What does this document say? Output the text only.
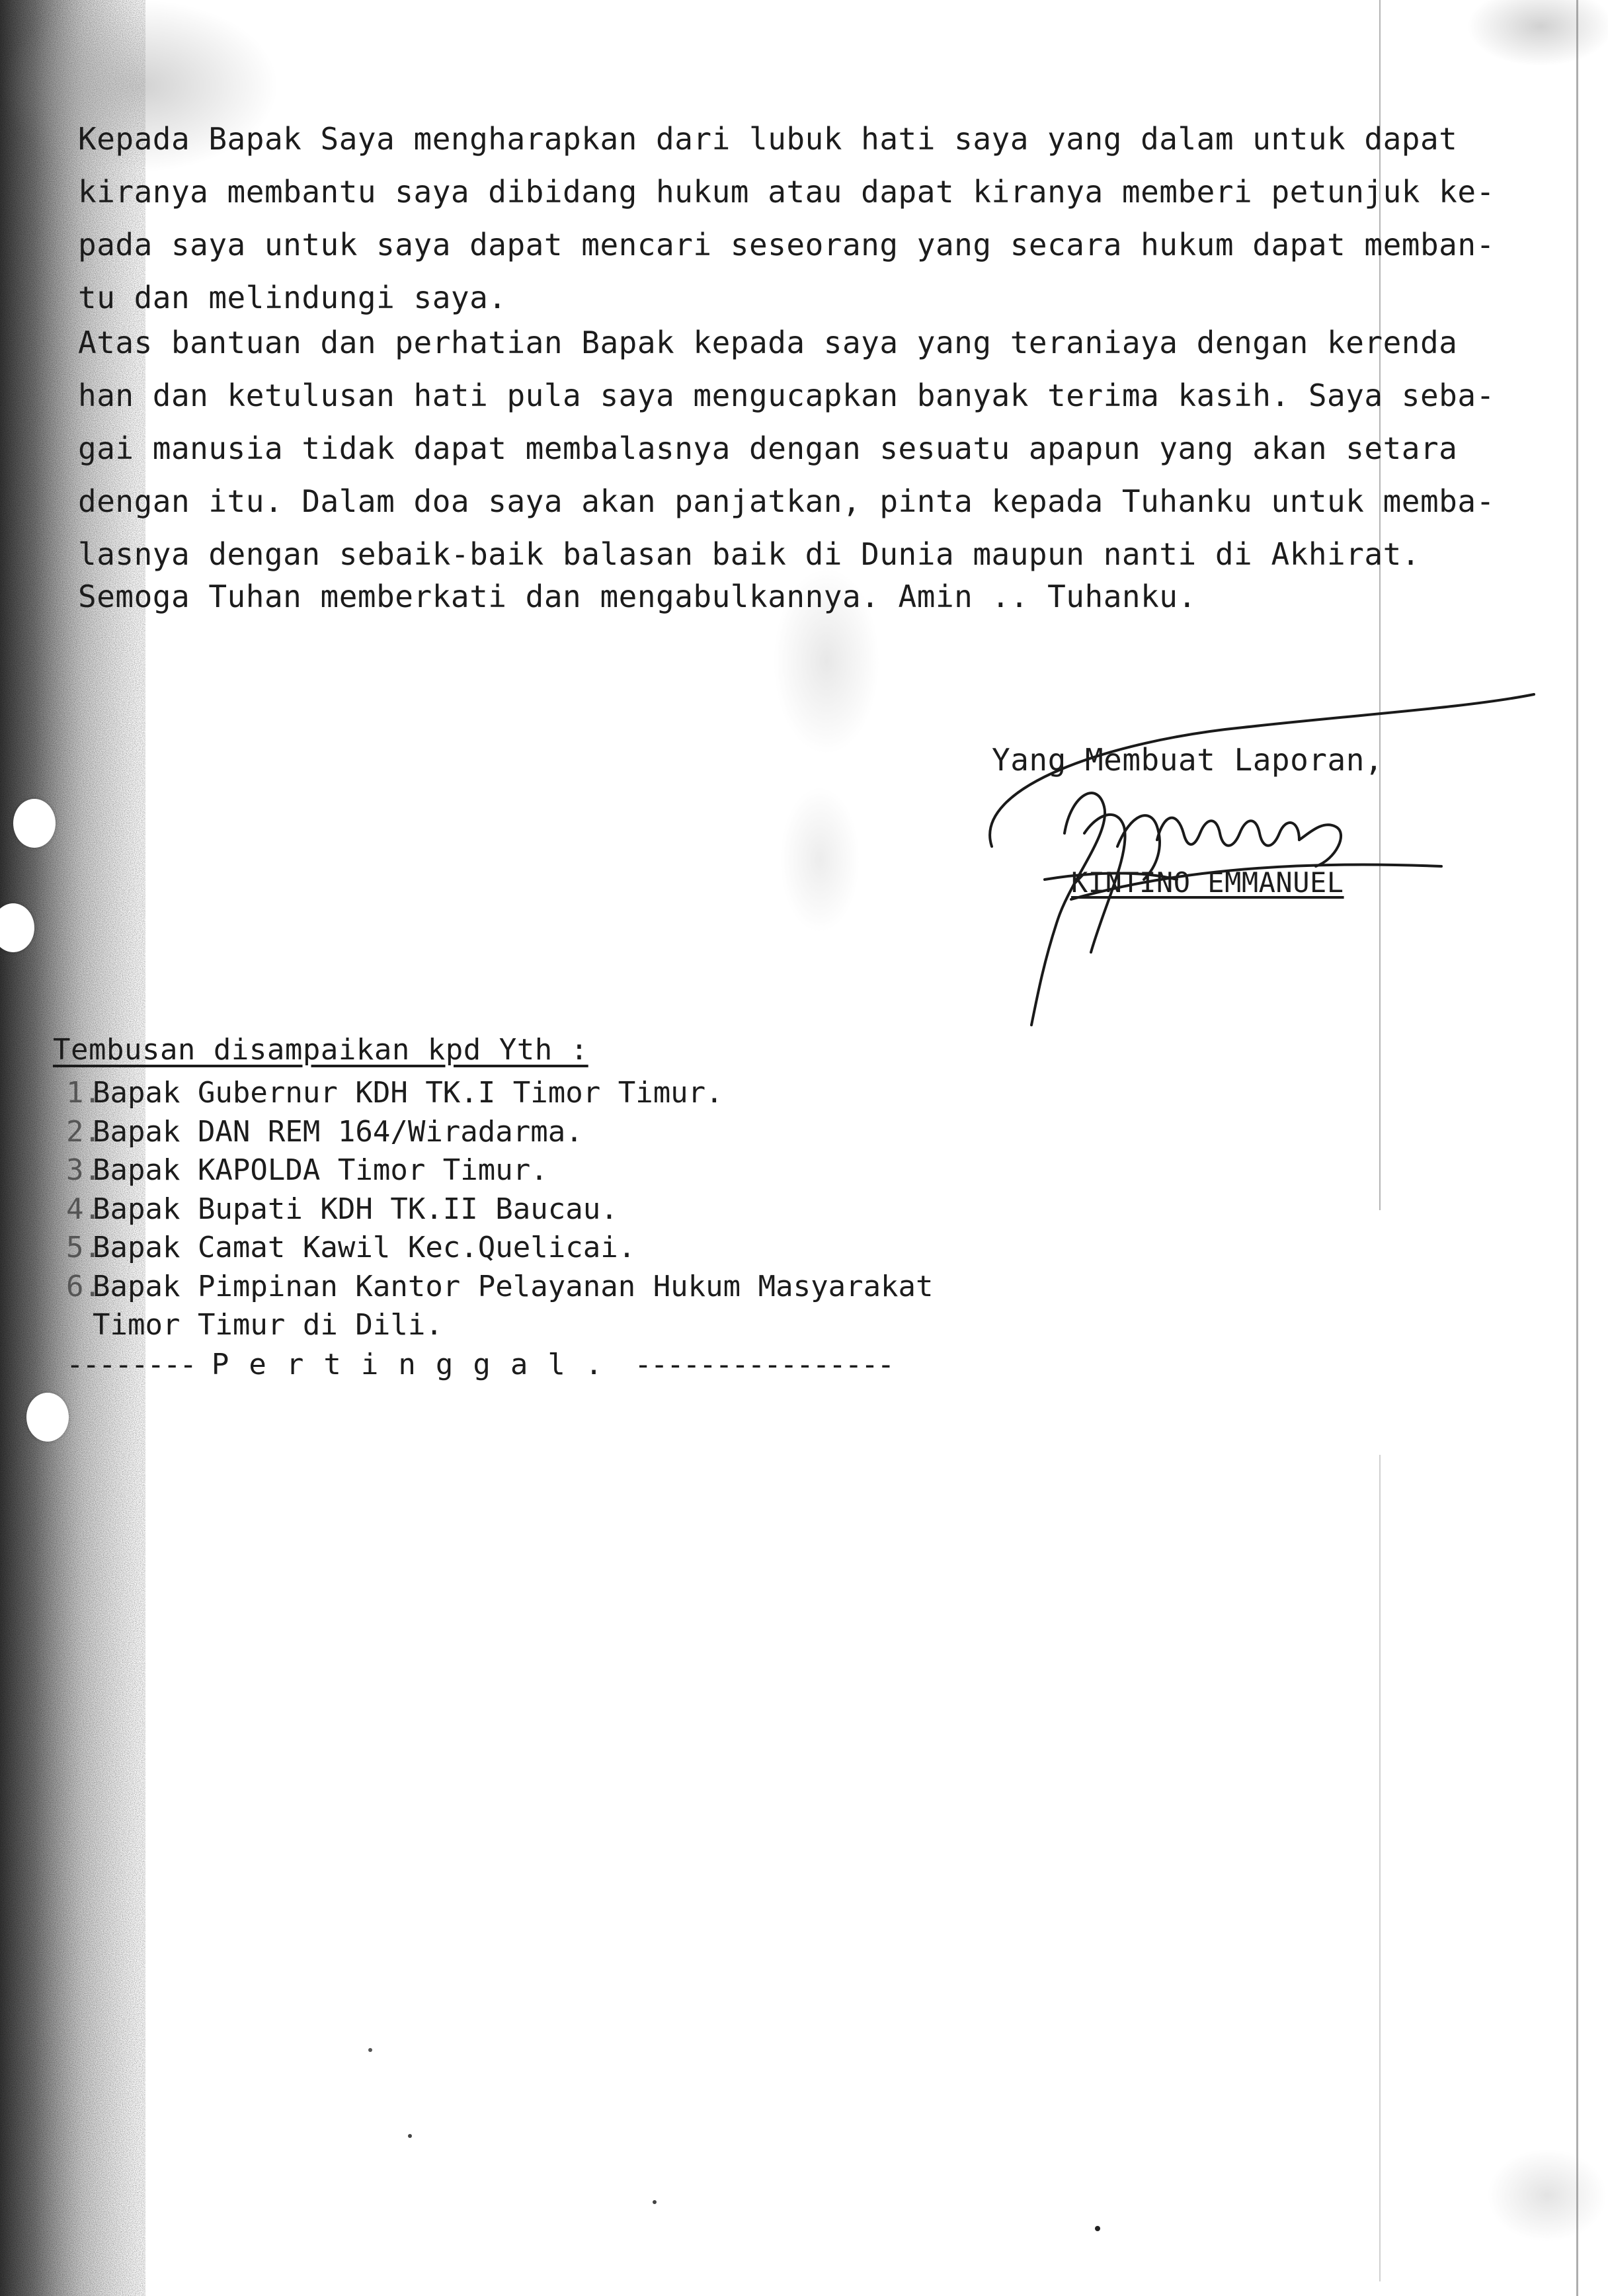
Kepada Bapak Saya mengharapkan dari lubuk hati saya yang dalam untuk dapat
kiranya membantu saya dibidang hukum atau dapat kiranya memberi petunjuk ke-
pada saya untuk saya dapat mencari seseorang yang secara hukum dapat memban-
tu dan melindungi saya.
Atas bantuan dan perhatian Bapak kepada saya yang teraniaya dengan kerenda
han dan ketulusan hati pula saya mengucapkan banyak terima kasih. Saya seba-
gai manusia tidak dapat membalasnya dengan sesuatu apapun yang akan setara
dengan itu. Dalam doa saya akan panjatkan, pinta kepada Tuhanku untuk memba-
lasnya dengan sebaik-baik balasan baik di Dunia maupun nanti di Akhirat.
Semoga Tuhan memberkati dan mengabulkannya. Amin .. Tuhanku.
Yang Membuat Laporan,
KINTINO EMMANUEL
Tembusan disampaikan kpd Yth :
1.Bapak Gubernur KDH TK.I Timor Timur.
2.Bapak DAN REM 164/Wiradarma.
3.Bapak KAPOLDA Timor Timur.
4.Bapak Bupati KDH TK.II Baucau.
5.Bapak Camat Kawil Kec.Quelicai.
6.Bapak Pimpinan Kantor Pelayanan Hukum Masyarakat
Timor Timur di Dili.
-------- Pertinggal. ----------------
